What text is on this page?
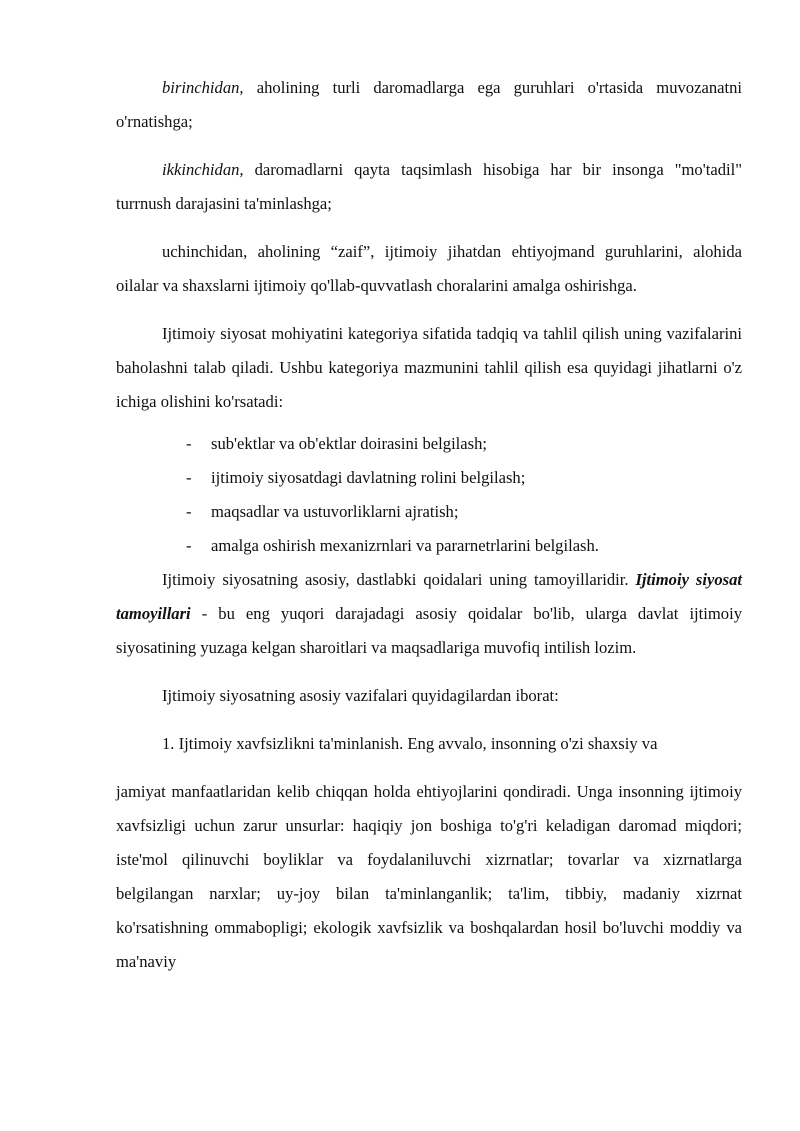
birinchidan, aholining turli daromadlarga ega guruhlari o'rtasida muvozanatni o'rnatishga;

ikkinchidan, daromadlarni qayta taqsimlash hisobiga har bir insonga "mo'tadil" turrnush darajasini ta'minlashga;

uchinchidan, aholining “zaif”, ijtimoiy jihatdan ehtiyojmand guruhlarini, alohida oilalar va shaxslarni ijtimoiy qo'llab-quvvatlash choralarini amalga oshirishga.

Ijtimoiy siyosat mohiyatini kategoriya sifatida tadqiq va tahlil qilish uning vazifalarini baholashni talab qiladi. Ushbu kategoriya mazmunini tahlil qilish esa quyidagi jihatlarni o'z ichiga olishini ko'rsatadi:

- sub'ektlar va ob'ektlar doirasini belgilash;
- ijtimoiy siyosatdagi davlatning rolini belgilash;
- maqsadlar va ustuvorliklarni ajratish;
- amalga oshirish mexanizrnlari va pararnetrlarini belgilash.

Ijtimoiy siyosatning asosiy, dastlabki qoidalari uning tamoyillaridir. Ijtimoiy siyosat tamoyillari - bu eng yuqori darajadagi asosiy qoidalar bo'lib, ularga davlat ijtimoiy siyosatining yuzaga kelgan sharoitlari va maqsadlariga muvofiq intilish lozim.

Ijtimoiy siyosatning asosiy vazifalari quyidagilardan iborat:

1. Ijtimoiy xavfsizlikni ta'minlanish. Eng avvalo, insonning o'zi shaxsiy va

jamiyat manfaatlaridan kelib chiqqan holda ehtiyojlarini qondiradi. Unga insonning ijtimoiy xavfsizligi uchun zarur unsurlar: haqiqiy jon boshiga to'g'ri keladigan daromad miqdori; iste'mol qilinuvchi boyliklar va foydalaniluvchi xizrnatlar; tovarlar va xizrnatlarga belgilangan narxlar; uy-joy bilan ta'minlanganlik; ta'lim, tibbiy, madaniy xizrnat ko'rsatishning ommabopligi; ekologik xavfsizlik va boshqalardan hosil bo'luvchi moddiy va ma'naviy
